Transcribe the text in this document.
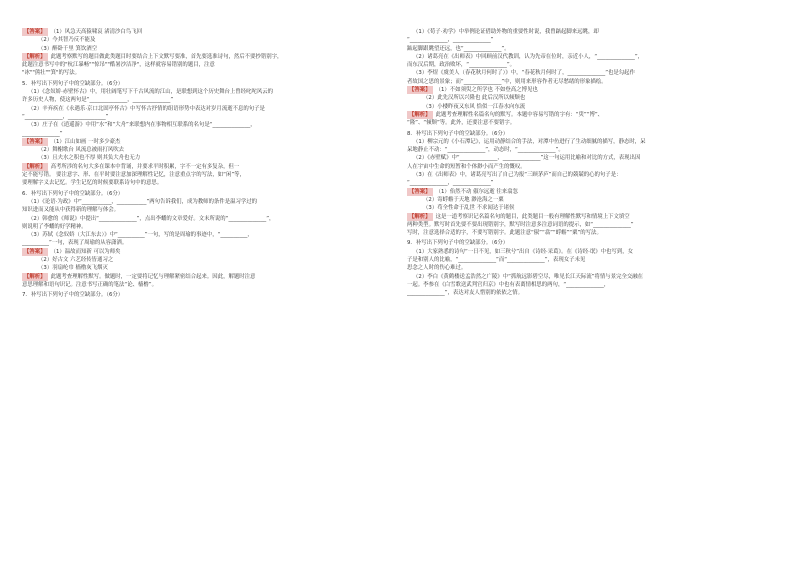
【答案】 （1）风急天高猿啸哀 渚清沙白鸟飞回
（2）今其智乃反不能及
（3）醉卧千里 箕饮酒空
【解析】 此题考察默写的题目做此类题目时要结合上下文默写要准，首先要选准诗句，然后不要抄错别字，
此题注意书写中的"杭江暴畅""惊吊""酷暑沙洁净"，这样就容易错别的题目，注意
"冰""熊壮""箕"的写法。
5．补写出下列句子中的空缺部分。（6分）
（1）《念奴娇·赤壁怀古》中，用壮阔笔写下千古风流的江山，是联想到这个历史舞台上曾经叱咤风云的
许多历史人物，使这两句是“______________，______________”
（2）辛弃疾在《永遇乐·京口北固亭怀古》中写怀古抒情的组语形势中表达对岁月流逝不息的句子是
“______________，______________”
（3）庄子在《逍遥游》中用“水”和“大舟”来联想内在事物相互联系的名句是“______________，
______________”
【答案】 （1）江山如画 一时多少豪杰
（2）舞榭歌台 风流总被雨打风吹去
（3）且夫水之积也不厚 则其负大舟也无力
【解析】 高考所涉的名句大多在课本中背诵，并要求平时积累，字不一定有多复杂，但一
定不能写错。 要注意字、形、在平时要注意加深理解性记忆，注意重点字的写法，如“闲”等，
要理解字义去记忆。学生记忆的时候要联系诗句中的意思。
6．补写出下列句子中的空缺部分。（6分）
（1）《论语·为政》中“___________，___________”两句告诉我们，成为教师的条件是温习学过的
知识进而又能从中获得新的理解与体会。
（2）韩愈的《师说》中提出“______________”，点出李蟠的文章爱好。文末所说的“______________”，
则说明了李蟠的好学精神。
（3）苏轼《念奴娇（大江东去）》中“__________”一句，写的是周瑜的事迹中，“__________，
__________”一句，表现了周瑜的从容潇洒。
【答案】 （1）温故而知新 可以为师矣
（2）好古文 六艺经传皆通习之
（3）羽扇纶巾 樯橹灰飞烟灭
【解析】 此题考查理解性默写。做题时，一定要将记忆与理解紧密结合起来。因此，解题时注意
意思理解和语句识记。注意书写正确的笔法“论、樯橹”。
7．补写出下列句子中的空缺部分。（6分）
（1）《荀子·劝学》中举例论证借助外物的重要性时说，我曾踮起脚来远眺，却
“______________，______________”
踮起脚跟眺望还远，也“______________”。
（2）诸葛亮在《出师表》中回顾前汉代教训，认为先帝在位时，亲近小人，“______________”，
而东汉后期，政治败坏，“______________”。
（3）李煜《虞美人（春花秋月何时了）》中，“春花秋月何时了，______________”也是勾起作
者故国之思的景象；而“______________”中，则用来形容作者无尽愁绪的形象描绘。
【答案】 （1）不如须臾之所学也 不如登高之博见也
（2）此先汉所以兴隆也 此后汉所以倾颓也
（3）小楼昨夜又东风 恰似一江春水向东流
【解析】 此题考查理解性名篇名句的默写。本题中容易写错的字有：“臾”“博”、
“隆”、“倾颓”等。此外，还要注意不要错字。
8．补写出下列句子中的空缺部分。（6分）
（1）柳宗元的《小石潭记》，运用动静结合的手法，对潭中鱼进行了生动细腻的描写，静态时，呆
呆地静止不动：“______________”，动态时，“______________”。
（2）《赤壁赋》中“______________，______________”这一句运用比喻和对比的方式，表现出因
人在宇宙中生命的短暂和个体渺小而产生的慨叹。
（3）在《出师表》中，诸葛亮写出了自己为报“三顾茅庐”而自己的兢兢的心的句子是：
“______________，______________”
【答案】 （1）佁然不动 俶尔远逝 往来翕忽
（2）寄蜉蝣于天地 渺沧海之一粟
（3）苟全性命于乱世 不求闻达于诸侯
【解析】 这是一道考察识记名篇名句的题目，此类题目一般有理解性默写和情境上下文填空
两种类型。默写时首先要不要出现错别字，默写时注意多注意词语的提示，如“______________”
写时，注意选择合适的字，不要写错别字。此题注意“俶”“翕”“蜉蝣”“粟”的写法。
9．补写出下列句子中的空缺部分。（6分）
（1）大家熟悉的诗句“一日不见，如三秋兮”出自《诗经·采葛》。在《诗经·氓》中也写到，女
子是和别人的比喻，“______________”而“______________”，表现女子未见
思念之人时的伤心难过。
（2）李白《黄鹤楼送孟浩然之广陵》中“抓航远影碧空尽，唯见长江天际流”将情与景完全交融在
一起。李参在《白雪歌送武判官归京》中也有表离情相思的两句，“______________，
______________”，表达对友人惜别的依依之情。
